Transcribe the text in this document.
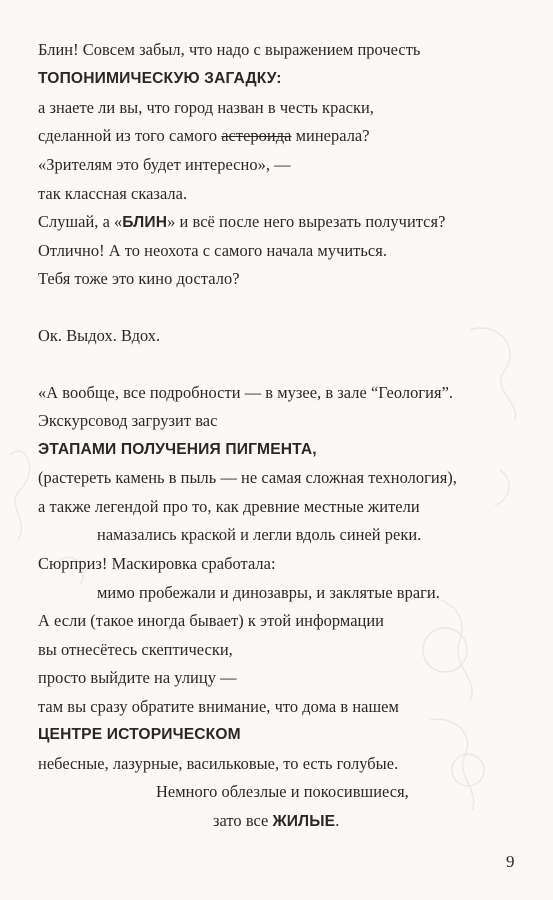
Блин! Совсем забыл, что надо с выражением прочесть
ТОПОНИМИЧЕСКУЮ ЗАГАДКУ:
а знаете ли вы, что город назван в честь краски,
сделанной из того самого астероида минерала?
«Зрителям это будет интересно», —
так классная сказала.
Слушай, а «БЛИН» и всё после него вырезать получится?
Отлично! А то неохота с самого начала мучиться.
Тебя тоже это кино достало?
Ок. Выдох. Вдох.
«А вообще, все подробности — в музее, в зале “Геология”.
Экскурсовод загрузит вас
ЭТАПАМИ ПОЛУЧЕНИЯ ПИГМЕНТА,
(растереть камень в пыль — не самая сложная технология),
а также легендой про то, как древние местные жители
намазались краской и легли вдоль синей реки.
Сюрприз! Маскировка сработала:
мимо пробежали и динозавры, и заклятые враги.
А если (такое иногда бывает) к этой информации
вы отнесётесь скептически,
просто выйдите на улицу —
там вы сразу обратите внимание, что дома в нашем
ЦЕНТРЕ ИСТОРИЧЕСКОМ
небесные, лазурные, васильковые, то есть голубые.
Немного облезлые и покосившиеся,
зато все ЖИЛЫЕ.
9
